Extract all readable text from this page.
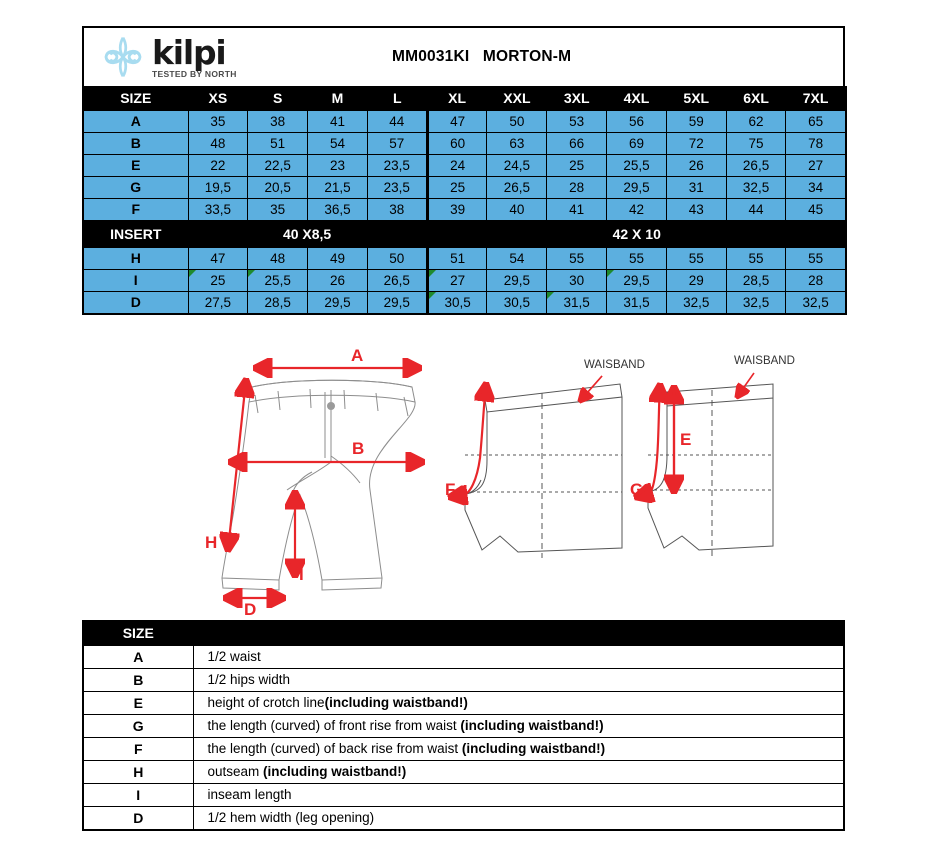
kilpi
TESTED BY NORTH
MM0031KI   MORTON-M
SIZE	XS	S	M	L	XL	XXL	3XL	4XL	5XL	6XL	7XL
A	35	38	41	44	47	50	53	56	59	62	65

B	48	51	54	57	60	63	66	69	72	75	78

E	22	22,5	23	23,5	24	24,5	25	25,5	26	26,5	27

G	19,5	20,5	21,5	23,5	25	26,5	28	29,5	31	32,5	34

F	33,5	35	36,5	38	39	40	41	42	43	44	45

INSERT	40 X8,5				42 X 10						
H	47	48	49	50	51	54	55	55	55	55	55

I	25	25,5	26	26,5	27	29,5	30	29,5	29	28,5	28

D	27,5	28,5	29,5	29,5	30,5	30,5	31,5	31,5	32,5	32,5	32,5
A
B
H
I
D
WAISBAND
F
WAISBAND
E
G
SIZE	
A	1/2 waist
B	1/2 hips width
E	height of crotch line(including waistband!)
G	the length (curved) of front rise from waist (including waistband!)
F	the length (curved) of back rise from waist (including waistband!)
H	outseam (including waistband!)
I	inseam length
D	1/2 hem width (leg opening)
